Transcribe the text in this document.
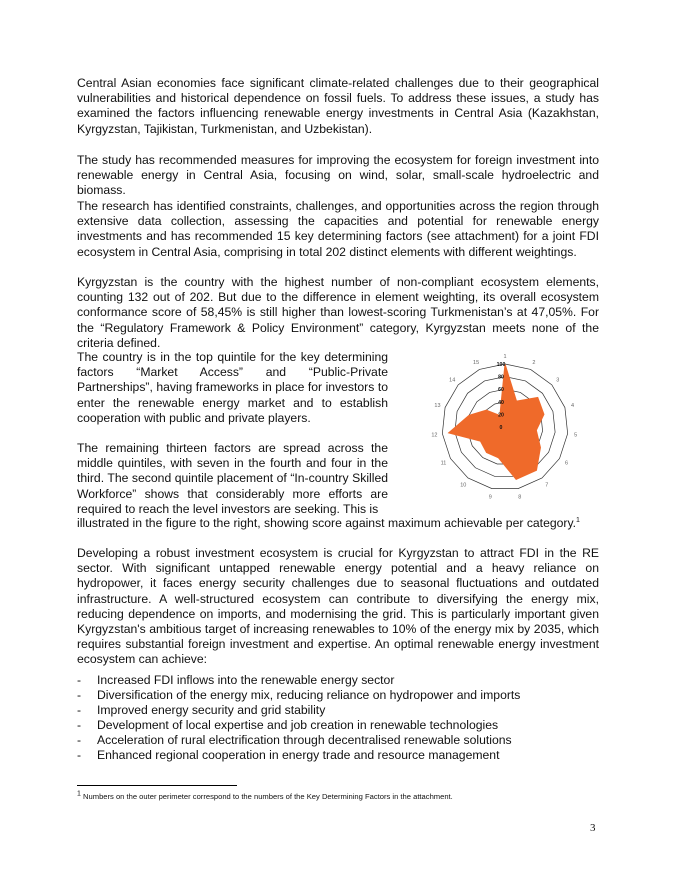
Central Asian economies face significant climate-related challenges due to their geographical vulnerabilities and historical dependence on fossil fuels. To address these issues, a study has examined the factors influencing renewable energy investments in Central Asia (Kazakhstan, Kyrgyzstan, Tajikistan, Turkmenistan, and Uzbekistan).

The study has recommended measures for improving the ecosystem for foreign investment into renewable energy in Central Asia, focusing on wind, solar, small-scale hydroelectric and biomass.

The research has identified constraints, challenges, and opportunities across the region through extensive data collection, assessing the capacities and potential for renewable energy investments and has recommended 15 key determining factors (see attachment) for a joint FDI ecosystem in Central Asia, comprising in total 202 distinct elements with different weightings.

Kyrgyzstan is the country with the highest number of non-compliant ecosystem elements, counting 132 out of 202. But due to the difference in element weighting, its overall ecosystem conformance score of 58,45% is still higher than lowest-scoring Turkmenistan’s at 47,05%. For the “Regulatory Framework & Policy Environment” category, Kyrgyzstan meets none of the criteria defined.

The country is in the top quintile for the key determining factors “Market Access” and “Public-Private Partnerships”, having frameworks in place for investors to enter the renewable energy market and to establish cooperation with public and private players.

The remaining thirteen factors are spread across the middle quintiles, with seven in the fourth and four in the third. The second quintile placement of “In-country Skilled Workforce” shows that considerably more efforts are required to reach the level investors are seeking. This is

illustrated in the figure to the right, showing score against maximum achievable per category.$^1$

0
20
40
60
80
100
1
2
3
4
5
6
7
8
9
10
11
12
13
14
15

Developing a robust investment ecosystem is crucial for Kyrgyzstan to attract FDI in the RE sector. With significant untapped renewable energy potential and a heavy reliance on hydropower, it faces energy security challenges due to seasonal fluctuations and outdated infrastructure. A well-structured ecosystem can contribute to diversifying the energy mix, reducing dependence on imports, and modernising the grid. This is particularly important given Kyrgyzstan's ambitious target of increasing renewables to 10% of the energy mix by 2035, which requires substantial foreign investment and expertise. An optimal renewable energy investment ecosystem can achieve:

- Increased FDI inflows into the renewable energy sector
- Diversification of the energy mix, reducing reliance on hydropower and imports
- Improved energy security and grid stability
- Development of local expertise and job creation in renewable technologies
- Acceleration of rural electrification through decentralised renewable solutions
- Enhanced regional cooperation in energy trade and resource management
$^1$ Numbers on the outer perimeter correspond to the numbers of the Key Determining Factors in the attachment.
3
